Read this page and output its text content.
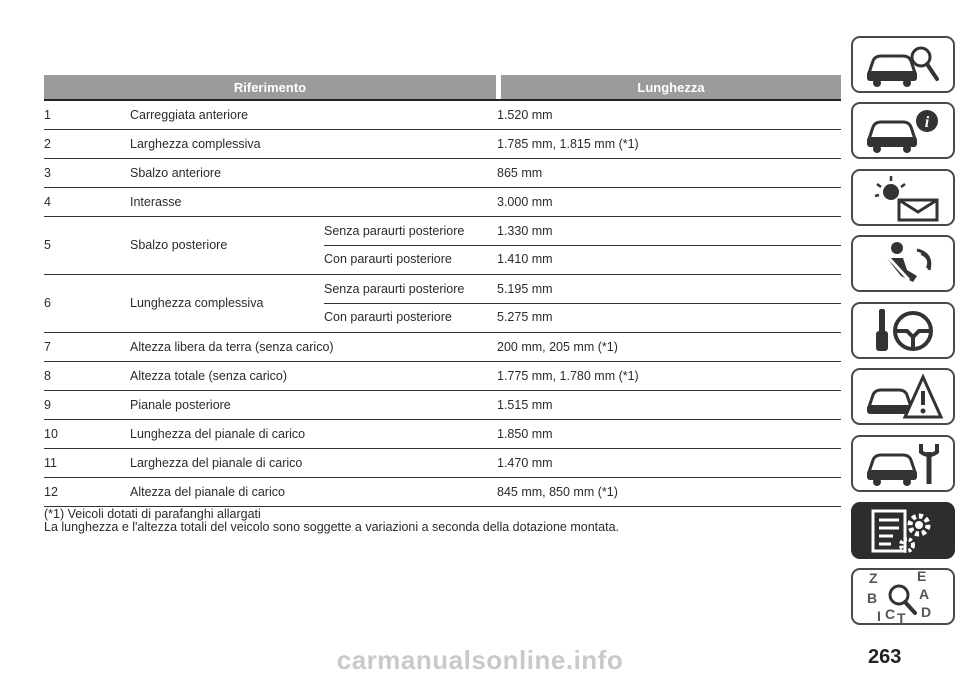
Riferimento	Lunghezza
1	Carreggiata anteriore	1.520 mm
2	Larghezza complessiva	1.785 mm, 1.815 mm (*1)
3	Sbalzo anteriore	865 mm
4	Interasse	3.000 mm
5	Sbalzo posteriore
Senza paraurti posteriore	1.330 mm
Con paraurti posteriore	1.410 mm
6	Lunghezza complessiva
Senza paraurti posteriore	5.195 mm
Con paraurti posteriore	5.275 mm
7	Altezza libera da terra (senza carico)	200 mm, 205 mm (*1)
8	Altezza totale (senza carico)	1.775 mm, 1.780 mm (*1)
9	Pianale posteriore	1.515 mm
10	Lunghezza del pianale di carico	1.850 mm
11	Larghezza del pianale di carico	1.470 mm
12	Altezza del pianale di carico	845 mm, 850 mm (*1)
(*1) Veicoli dotati di parafanghi allargati
La lunghezza e l'altezza totali del veicolo sono soggette a variazioni a seconda della dotazione montata.
i
Z	E
B	A
I C T D
263
carmanualsonline.info
